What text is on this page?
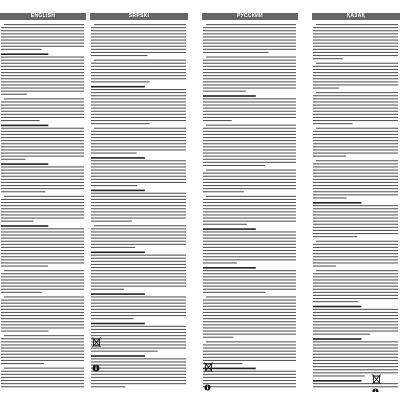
ENGLISH	SRPSKI	РУССКИЙ	ҚАЗАҚ
